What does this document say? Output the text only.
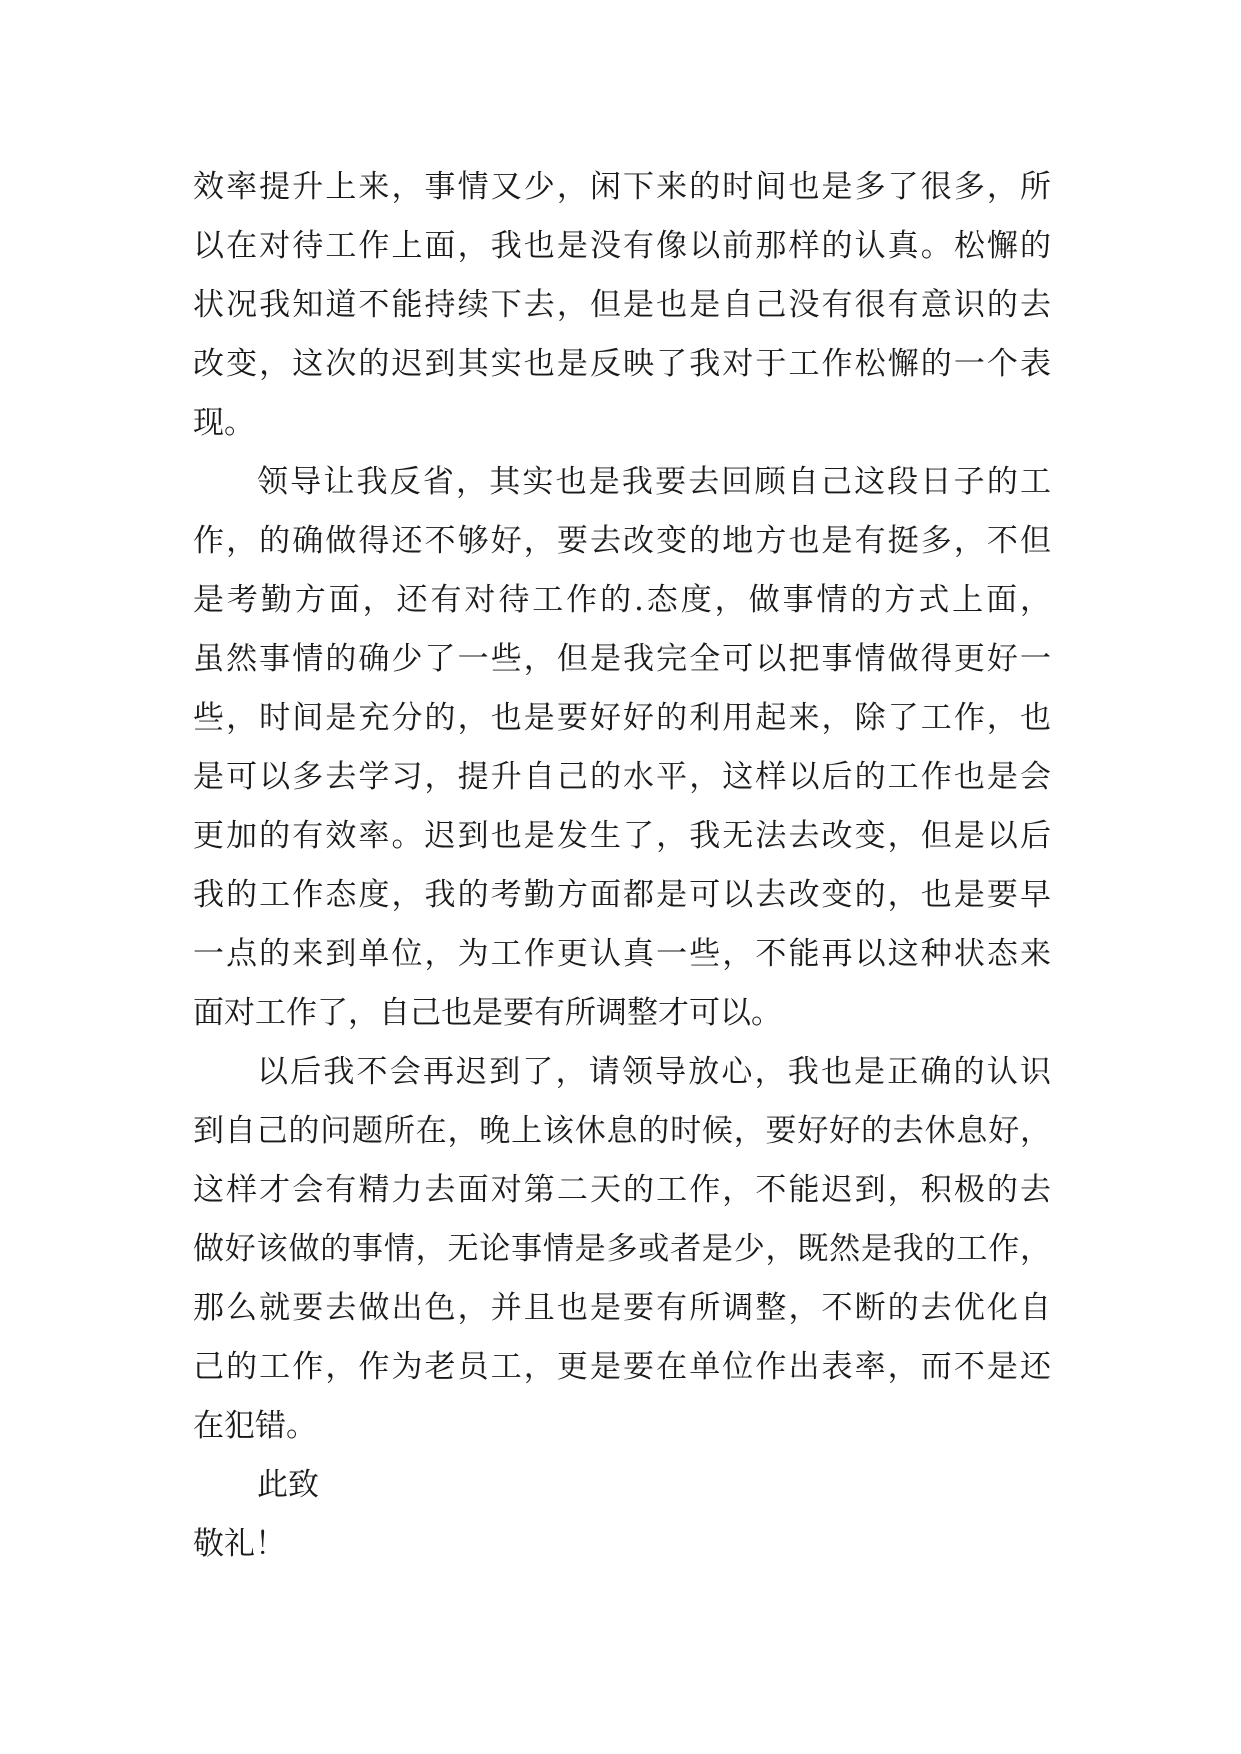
效率提升上来，事情又少，闲下来的时间也是多了很多，所
以在对待工作上面，我也是没有像以前那样的认真。松懈的
状况我知道不能持续下去，但是也是自己没有很有意识的去
改变，这次的迟到其实也是反映了我对于工作松懈的一个表
现。
领导让我反省，其实也是我要去回顾自己这段日子的工
作，的确做得还不够好，要去改变的地方也是有挺多，不但
是考勤方面，还有对待工作的.态度，做事情的方式上面，
虽然事情的确少了一些，但是我完全可以把事情做得更好一
些，时间是充分的，也是要好好的利用起来，除了工作，也
是可以多去学习，提升自己的水平，这样以后的工作也是会
更加的有效率。迟到也是发生了，我无法去改变，但是以后
我的工作态度，我的考勤方面都是可以去改变的，也是要早
一点的来到单位，为工作更认真一些，不能再以这种状态来
面对工作了，自己也是要有所调整才可以。
以后我不会再迟到了，请领导放心，我也是正确的认识
到自己的问题所在，晚上该休息的时候，要好好的去休息好，
这样才会有精力去面对第二天的工作，不能迟到，积极的去
做好该做的事情，无论事情是多或者是少，既然是我的工作，
那么就要去做出色，并且也是要有所调整，不断的去优化自
己的工作，作为老员工，更是要在单位作出表率，而不是还
在犯错。
此致
敬礼！
